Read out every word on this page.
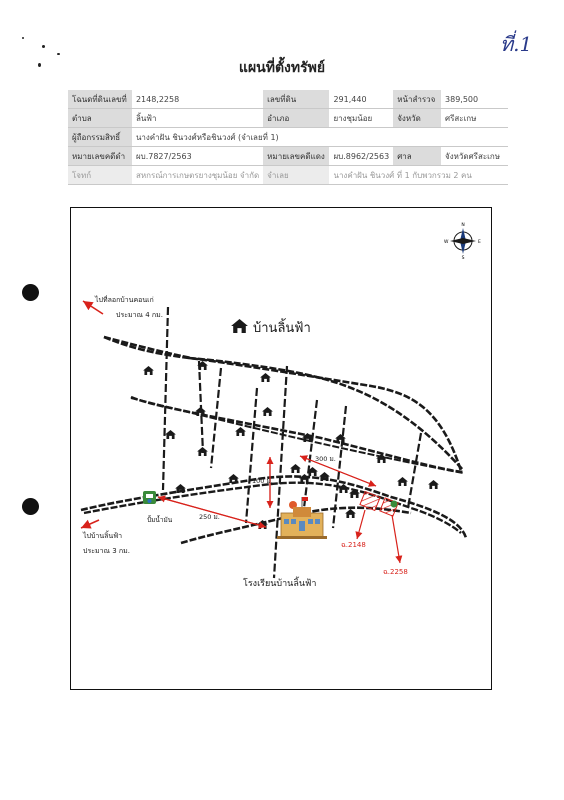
ที่.1
แผนที่ตั้งทรัพย์
โฉนดที่ดินเลขที่	2148,2258	เลขที่ดิน	291,440	หน้าสำรวจ	389,500
ตำบล	ลิ้นฟ้า	อำเภอ	ยางชุมน้อย	จังหวัด	ศรีสะเกษ
ผู้ถือกรรมสิทธิ์	นางคำฝัน ชินวงศ์หรือชินวงศ์ (จำเลยที่ 1)				
หมายเลขคดีดำ	ผบ.7827/2563	หมายเลขคดีแดง	ผบ.8962/2563	ศาล	จังหวัดศรีสะเกษ
โจทก์	สหกรณ์การเกษตรยางชุมน้อย จำกัด	จำเลย	นางคำฝัน ชินวงศ์ ที่ 1 กับพวกรวม 2 คน		
N
E
S
W
บ้านลิ้นฟ้า
ไปที่ลอกบ้านคอนเก่
ประมาณ 4 กม.
ไปบ้านลิ้นฟ้า
ประมาณ 3 กม.
ปั้มน้ำมัน
โรงเรียนบ้านลิ้นฟ้า
300 ม.
100 ม.
250 ม.
ฉ.2148
ฉ.2258
